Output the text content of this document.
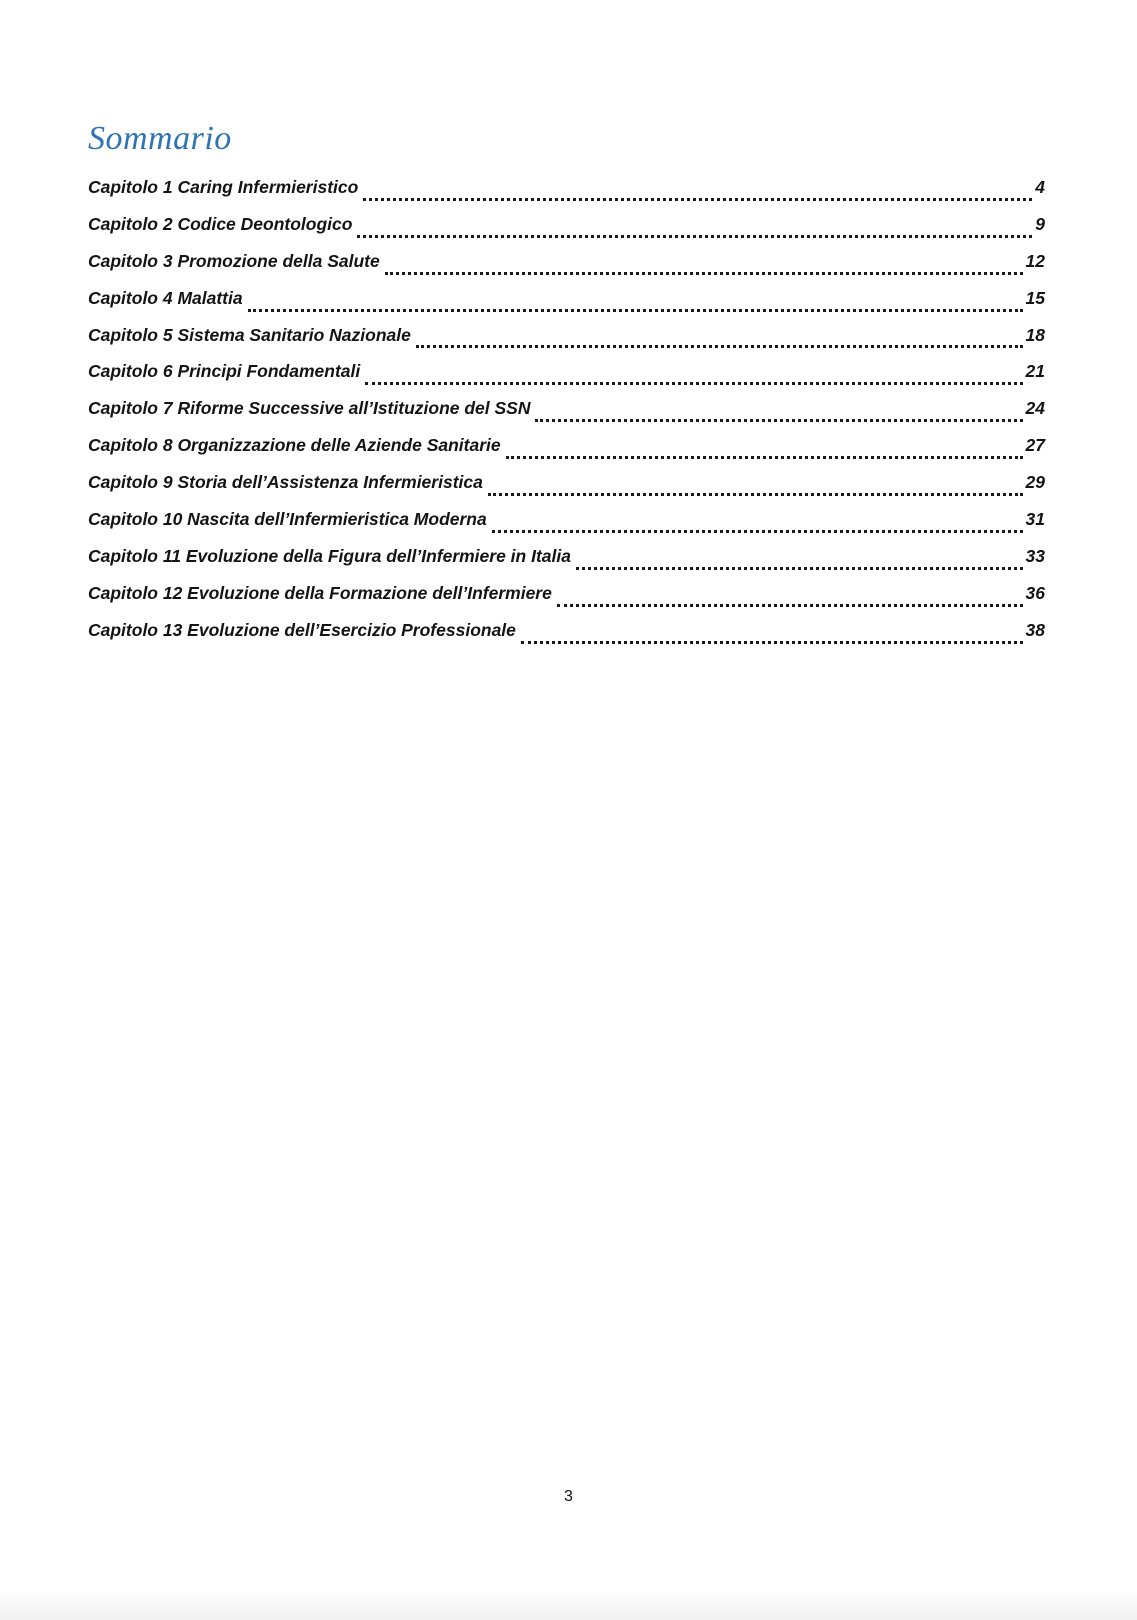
Sommario
Capitolo 1 Caring Infermieristico	4
Capitolo 2 Codice Deontologico	9
Capitolo 3 Promozione della Salute	12
Capitolo 4 Malattia	15
Capitolo 5 Sistema Sanitario Nazionale	18
Capitolo 6 Principi Fondamentali	21
Capitolo 7 Riforme Successive all’Istituzione del SSN	24
Capitolo 8 Organizzazione delle Aziende Sanitarie	27
Capitolo 9 Storia dell’Assistenza Infermieristica	29
Capitolo 10 Nascita dell’Infermieristica Moderna	31
Capitolo 11 Evoluzione della Figura dell’Infermiere in Italia	33
Capitolo 12 Evoluzione della Formazione dell’Infermiere	36
Capitolo 13 Evoluzione dell’Esercizio Professionale	38
3
